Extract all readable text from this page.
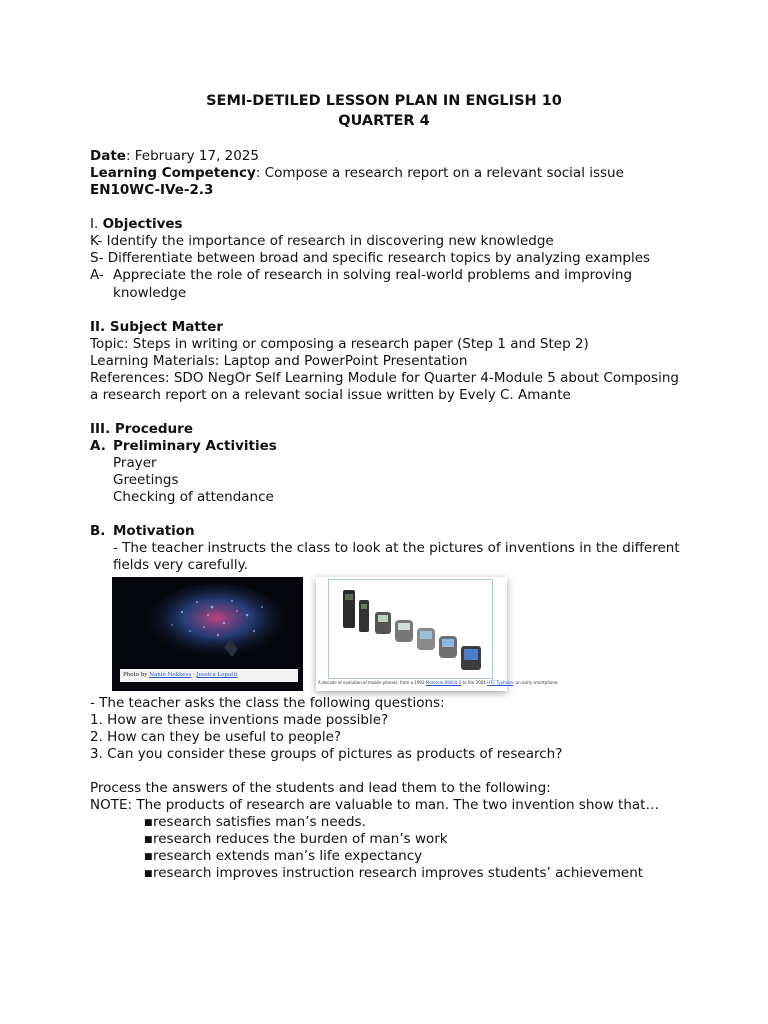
SEMI-DETILED LESSON PLAN IN ENGLISH 10
QUARTER 4
Date: February 17, 2025
Learning Competency: Compose a research report on a relevant social issue
EN10WC-IVe-2.3
I. Objectives
K- Identify the importance of research in discovering new knowledge
S- Differentiate between broad and specific research topics by analyzing examples
A- Appreciate the role of research in solving real-world problems and improving
knowledge
II. Subject Matter
Topic: Steps in writing or composing a research paper (Step 1 and Step 2)
Learning Materials: Laptop and PowerPoint Presentation
References: SDO NegOr Self Learning Module for Quarter 4-Module 5 about Composing
a research report on a relevant social issue written by Evely C. Amante
III. Procedure
A. Preliminary Activities
Prayer
Greetings
Checking of attendance
B. Motivation
- The teacher instructs the class to look at the pictures of inventions in the different
fields very carefully.
Photo by Nanie Nokkess · Jessica Lopatti
A decade of evolution of mobile phones, from a 1992 Motorola 8900X-2 to the 2004 HTC Typhoon, an early smartphone.
- The teacher asks the class the following questions:
1. How are these inventions made possible?
2. How can they be useful to people?
3. Can you consider these groups of pictures as products of research?
Process the answers of the students and lead them to the following:
NOTE: The products of research are valuable to man. The two invention show that…
■research satisfies man’s needs.
■research reduces the burden of man’s work
■research extends man’s life expectancy
■research improves instruction research improves students’ achievement
